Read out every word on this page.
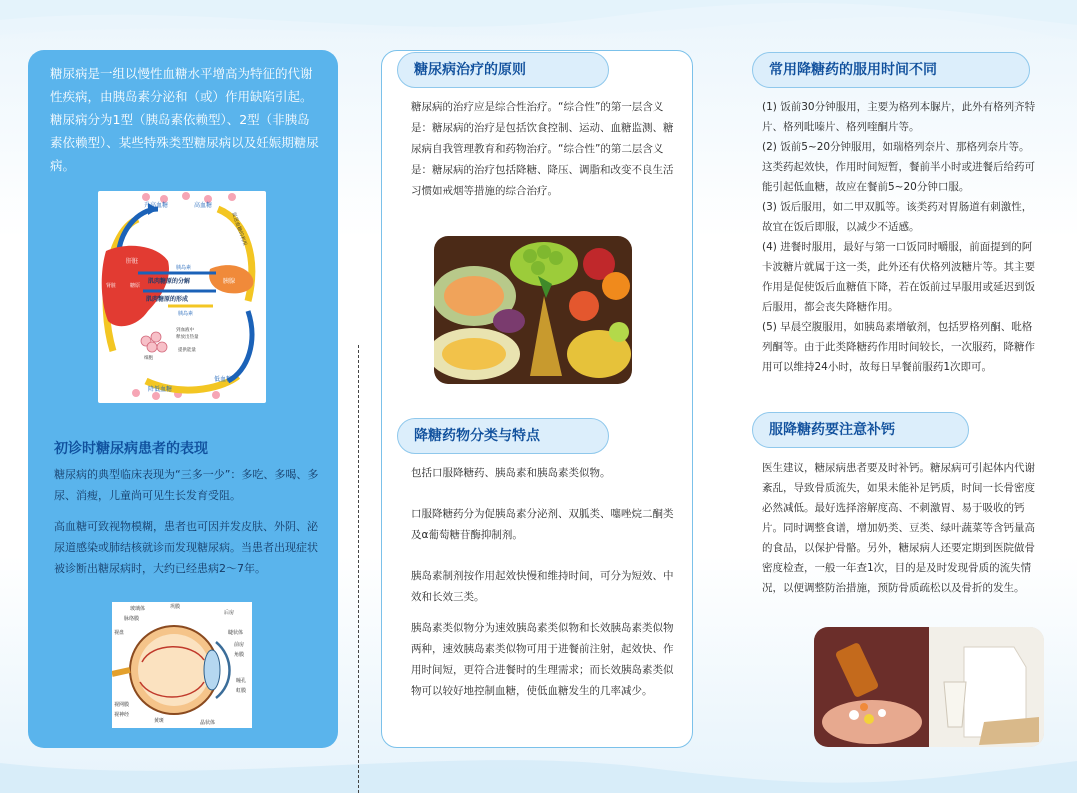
糖尿病是一组以慢性血糖水平增高为特征的代谢性疾病，由胰岛素分泌和（或）作用缺陷引起。糖尿病分为1型（胰岛素依赖型）、2型（非胰岛素依赖型）、某些特殊类型糖尿病以及妊娠期糖尿病。
升高血糖	高血糖
肝脏
肾脏	糖原
胰腺
胰岛素
肌肉糖原的分解
肌肉糖原的形成
胰岛素
到血液中
释放出热量
提供能量
细胞
降低血糖
低血糖
促进血糖的利用
初诊时糖尿病患者的表现

糖尿病的典型临床表现为“三多一少”：多吃、多喝、多尿、消瘦，儿童尚可见生长发育受阻。

高血糖可致视物模糊，患者也可因并发皮肤、外阴、泌尿道感染或肺结核就诊而发现糖尿病。当患者出现症状被诊断出糖尿病时，大约已经患病2～7年。

玻璃体	巩膜
后房
脉络膜
视盘	睫状体
前房
角膜
瞳孔
虹膜
视网膜
视神经
黄斑	晶状体
糖尿病治疗的原则

糖尿病的治疗应是综合性治疗。“综合性”的第一层含义是：糖尿病的治疗是包括饮食控制、运动、血糖监测、糖尿病自我管理教育和药物治疗。“综合性”的第二层含义是：糖尿病的治疗包括降糖、降压、调脂和改变不良生活习惯如戒烟等措施的综合治疗。

降糖药物分类与特点

包括口服降糖药、胰岛素和胰岛素类似物。

口服降糖药分为促胰岛素分泌剂、双胍类、噻唑烷二酮类及α葡萄糖苷酶抑制剂。

胰岛素制剂按作用起效快慢和维持时间，可分为短效、中效和长效三类。

胰岛素类似物分为速效胰岛素类似物和长效胰岛素类似物两种，速效胰岛素类似物可用于进餐前注射，起效快、作用时间短，更符合进餐时的生理需求；而长效胰岛素类似物可以较好地控制血糖，使低血糖发生的几率减少。

常用降糖药的服用时间不同

(1) 饭前30分钟服用，主要为格列本脲片，此外有格列齐特片、格列吡嗪片、格列喹酮片等。

(2) 饭前5~20分钟服用，如瑞格列奈片、那格列奈片等。这类药起效快，作用时间短暂，餐前半小时或进餐后给药可能引起低血糖，故应在餐前5~20分钟口服。

(3) 饭后服用，如二甲双胍等。该类药对胃肠道有刺激性，故宜在饭后即服，以减少不适感。

(4) 进餐时服用，最好与第一口饭同时嚼服，前面提到的阿卡波糖片就属于这一类，此外还有伏格列波糖片等。其主要作用是促使饭后血糖值下降，若在饭前过早服用或延迟到饭后服用，都会丧失降糖作用。

(5) 早晨空腹服用，如胰岛素增敏剂，包括罗格列酮、吡格列酮等。由于此类降糖药作用时间较长，一次服药，降糖作用可以维持24小时，故每日早餐前服药1次即可。

服降糖药要注意补钙

医生建议，糖尿病患者要及时补钙。糖尿病可引起体内代谢紊乱，导致骨质流失，如果未能补足钙质，时间一长骨密度必然减低。最好选择溶解度高、不刺激胃、易于吸收的钙片。同时调整食谱，增加奶类、豆类、绿叶蔬菜等含钙量高的食品，以保护骨骼。另外，糖尿病人还要定期到医院做骨密度检查，一般一年查1次，目的是及时发现骨质的流失情况，以便调整防治措施，预防骨质疏松以及骨折的发生。
